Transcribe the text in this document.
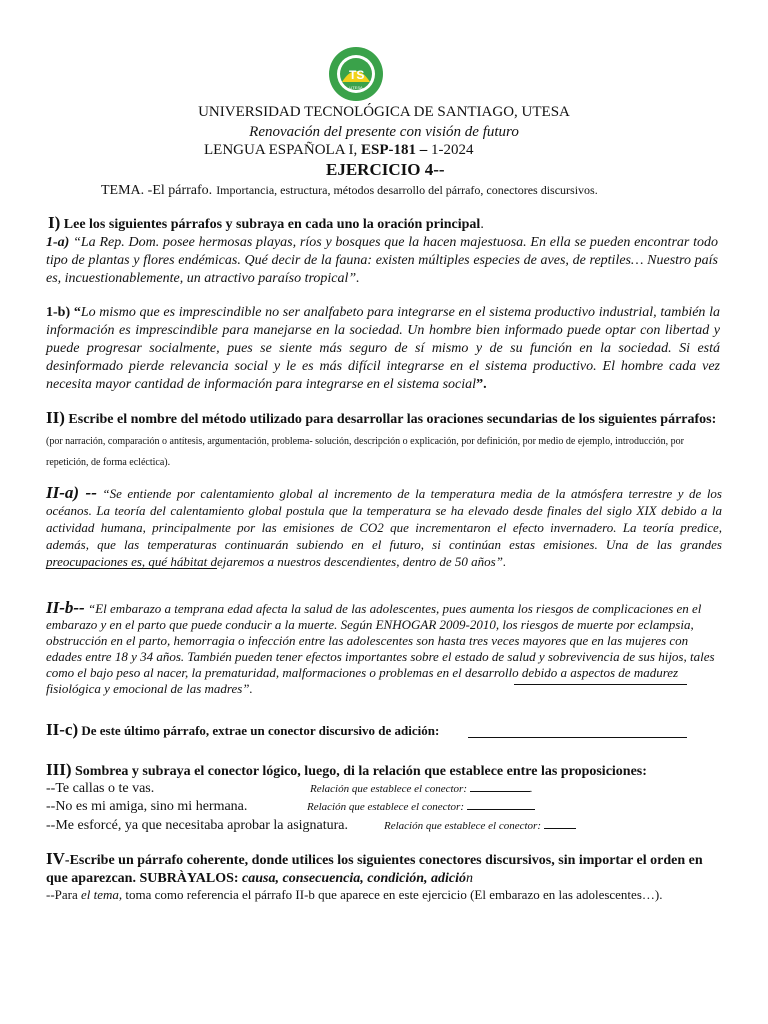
TS
UTESA
UNIVERSIDAD TECNOLÓGICA DE SANTIAGO, UTESA
Renovación del presente con visión de futuro
LENGUA ESPAÑOLA I, ESP-181 – 1-2024
EJERCICIO 4--
TEMA. -El párrafo. Importancia, estructura, métodos desarrollo del párrafo, conectores discursivos.
I) Lee los siguientes párrafos y subraya en cada uno la oración principal.

1-a) “La Rep. Dom. posee hermosas playas, ríos y bosques que la hacen majestuosa. En ella se pueden encontrar todo tipo de plantas y flores endémicas. Qué decir de la fauna: existen múltiples especies de aves, de reptiles… Nuestro país es, incuestionablemente, un atractivo paraíso tropical”.

1-b) “Lo mismo que es imprescindible no ser analfabeto para integrarse en el sistema productivo industrial, también la información es imprescindible para manejarse en la sociedad. Un hombre bien informado puede optar con libertad y puede progresar socialmente, pues se siente más seguro de sí mismo y de su función en la sociedad. Si está desinformado pierde relevancia social y le es más difícil integrarse en el sistema productivo. El hombre cada vez necesita mayor cantidad de información para integrarse en el sistema social”.

II) Escribe el nombre del método utilizado para desarrollar las oraciones secundarias de los siguientes párrafos: (por narración, comparación o antítesis, argumentación, problema- solución, descripción o explicación, por definición, por medio de ejemplo, introducción, por repetición, de forma ecléctica).

II-a) -- “Se entiende por calentamiento global al incremento de la temperatura media de la atmósfera terrestre y de los océanos. La teoría del calentamiento global postula que la temperatura se ha elevado desde finales del siglo XIX debido a la actividad humana, principalmente por las emisiones de CO2 que incrementaron el efecto invernadero. La teoría predice, además, que las temperaturas continuarán subiendo en el futuro, si continúan estas emisiones. Una de las grandes preocupaciones es, qué hábitat dejaremos a nuestros descendientes, dentro de 50 años”.

II-b-- “El embarazo a temprana edad afecta la salud de las adolescentes, pues aumenta los riesgos de complicaciones en el embarazo y en el parto que puede conducir a la muerte. Según ENHOGAR 2009-2010, los riesgos de muerte por eclampsia, obstrucción en el parto, hemorragia o infección entre las adolescentes son hasta tres veces mayores que en las mujeres con edades entre 18 y 34 años. También pueden tener efectos importantes sobre el estado de salud y sobrevivencia de sus hijos, tales como el bajo peso al nacer, la prematuridad, malformaciones o problemas en el desarrollo debido a aspectos de madurez fisiológica y emocional de las madres”.

II-c) De este último párrafo, extrae un conector discursivo de adición:
III) Sombrea y subraya el conector lógico, luego, di la relación que establece entre las proposiciones:
--Te callas o te vas.	Relación que establece el conector:	.
--No es mi amiga, sino mi hermana.	Relación que establece el conector:
--Me esforcé, ya que necesitaba aprobar la asignatura.	Relación que establece el conector:

IV-Escribe un párrafo coherente, donde utilices los siguientes conectores discursivos, sin importar el orden en que aparezcan. SUBRÀYALOS: causa, consecuencia, condición, adición

--Para el tema, toma como referencia el párrafo II-b que aparece en este ejercicio (El embarazo en las adolescentes…).
